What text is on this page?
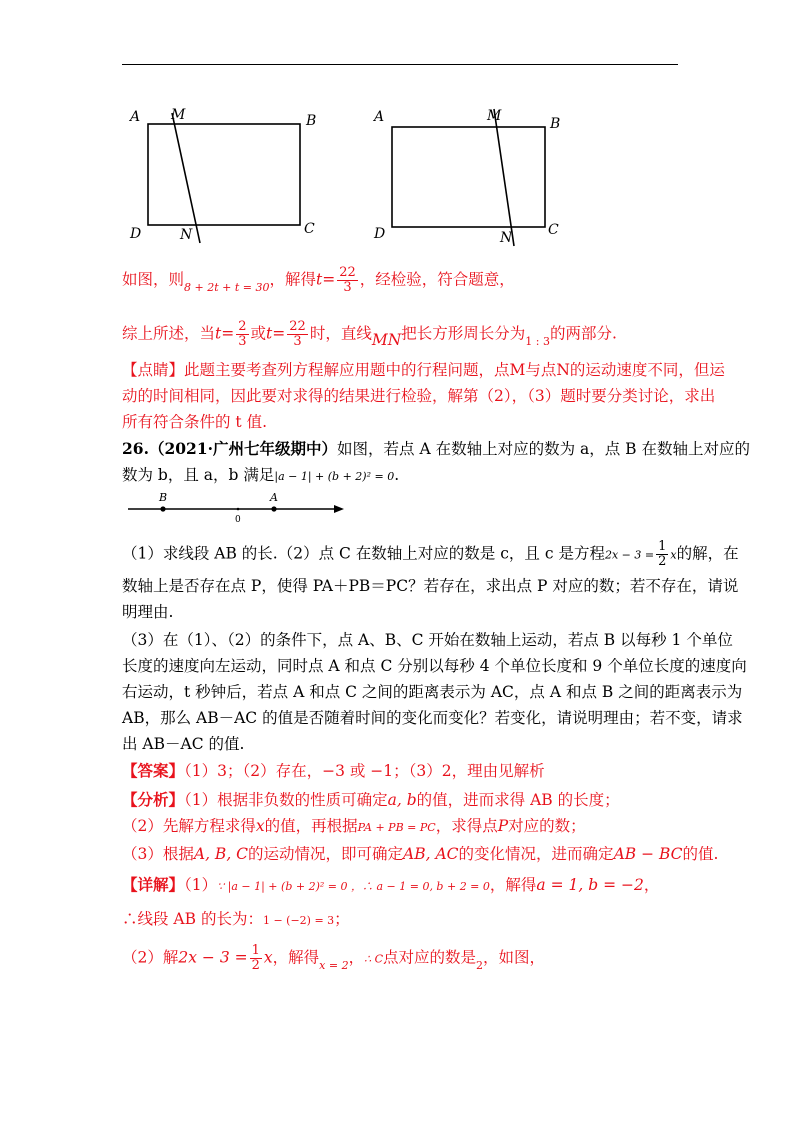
A M	B
D	N	C
A	M	B
D	N	C
如图，则$_{8 + 2t + t = 30}$，解得$t= \frac{22}{3}$ ，经检验，符合题意，
综上所述，当$t= \frac{2}{3}$ 或$t= \frac{22}{3}$ 时，直线MN把长方形周长分为$_{1 : 3}$的两部分.
【点睛】此题主要考查列方程解应用题中的行程问题，点M与点N的运动速度不同，但运
动的时间相同，因此要对求得的结果进行检验，解第（2），（3）题时要分类讨论，求出
所有符合条件的 t 值.
26.（2021·广州七年级期中）如图，若点 A 在数轴上对应的数为 a，点 B 在数轴上对应的
数为 b，且 a，b 满足|a − 1| + (b + 2)² = 0.
B	A
0
（1）求线段 AB 的长.（2）点 C 在数轴上对应的数是 c，且 c 是方程$2x - 3 = \frac{1}{2}$ x的解，在
数轴上是否存在点 P，使得 PA＋PB＝PC？若存在，求出点 P 对应的数；若不存在，请说
明理由.
（3）在（1）、（2）的条件下，点 A、B、C 开始在数轴上运动，若点 B 以每秒 1 个单位
长度的速度向左运动，同时点 A 和点 C 分别以每秒 4 个单位长度和 9 个单位长度的速度向
右运动，t 秒钟后，若点 A 和点 C 之间的距离表示为 AC，点 A 和点 B 之间的距离表示为
AB，那么 AB－AC 的值是否随着时间的变化而变化？若变化，请说明理由；若不变，请求
出 AB－AC 的值.
【答案】（1）3；（2）存在，−3 或 −1；（3）2，理由见解析
【分析】（1）根据非负数的性质可确定a, b的值，进而求得 AB 的长度；
（2）先解方程求得x的值，再根据PA + PB = PC，求得点P对应的数；
（3）根据A, B, C的运动情况，即可确定AB, AC的变化情况，进而确定AB − BC的值.
【详解】（1）∵ |a − 1| + (b + 2)² = 0 ，∴ a − 1 = 0, b + 2 = 0，解得a = 1, b = −2，
∴线段 AB 的长为：1 − (−2) = 3；
（2）解$2x - 3 = \frac{1}{2}$ x，解得$_{x = 2}$，∴ C点对应的数是$_2$，如图，
